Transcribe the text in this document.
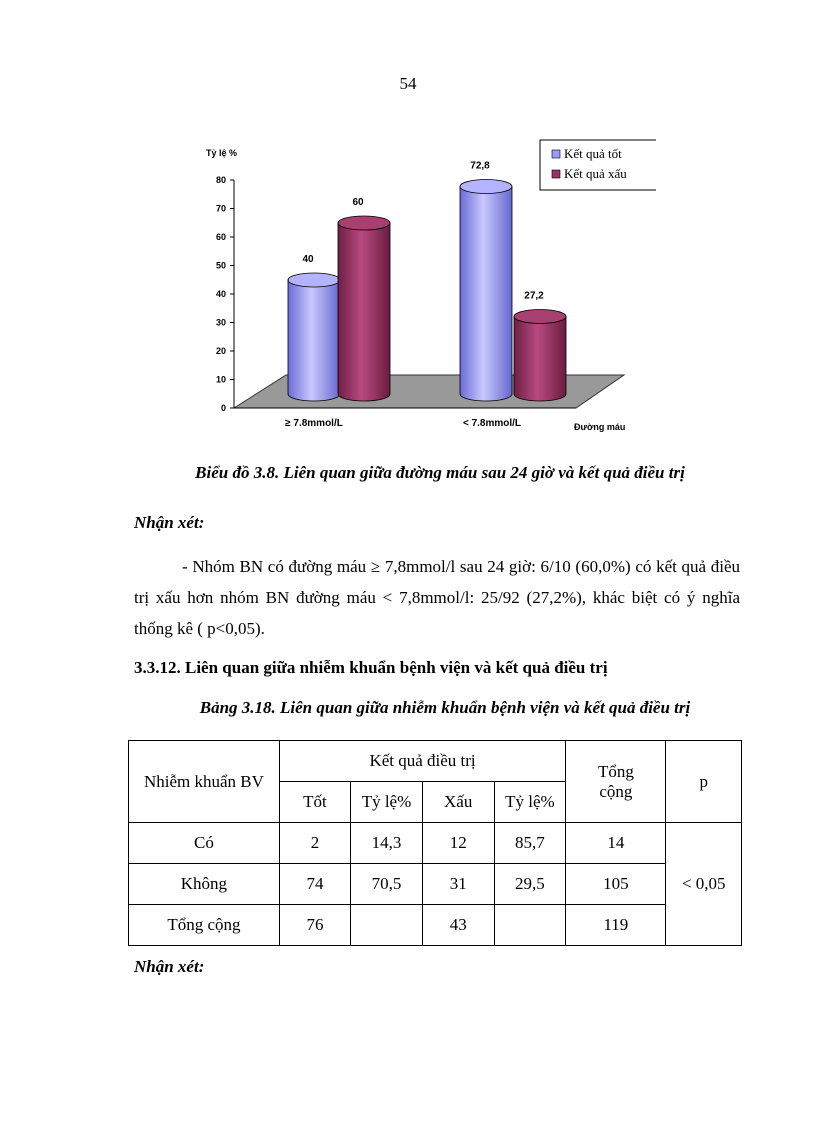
54
0
10
20
30
40
50
60
70
80
Tỷ lệ %
Đường máu
≥ 7.8mmol/L	< 7.8mmol/L
40
60
72,8
27,2
Kết quả tốt
Kết quả xấu
Biểu đồ 3.8. Liên quan giữa đường máu sau 24 giờ và kết quả điều trị
Nhận xét:
- Nhóm BN có đường máu ≥ 7,8mmol/l sau 24 giờ: 6/10 (60,0%) có kết quả điều trị xấu hơn nhóm BN đường máu < 7,8mmol/l: 25/92 (27,2%), khác biệt có ý nghĩa thống kê ( p<0,05).
3.3.12. Liên quan giữa nhiễm khuẩn bệnh viện và kết quả điều trị
Bảng 3.18. Liên quan giữa nhiễm khuẩn bệnh viện và kết quả điều trị
Nhiễm khuẩn BV	Kết quả điều trị				Tổng cộng	p
	Tốt	Tỷ lệ%	Xấu	Tỷ lệ%		
Có	2	14,3	12	85,7	14	< 0,05
Không	74	70,5	31	29,5	105	
Tổng cộng	76		43		119	
Nhận xét:
